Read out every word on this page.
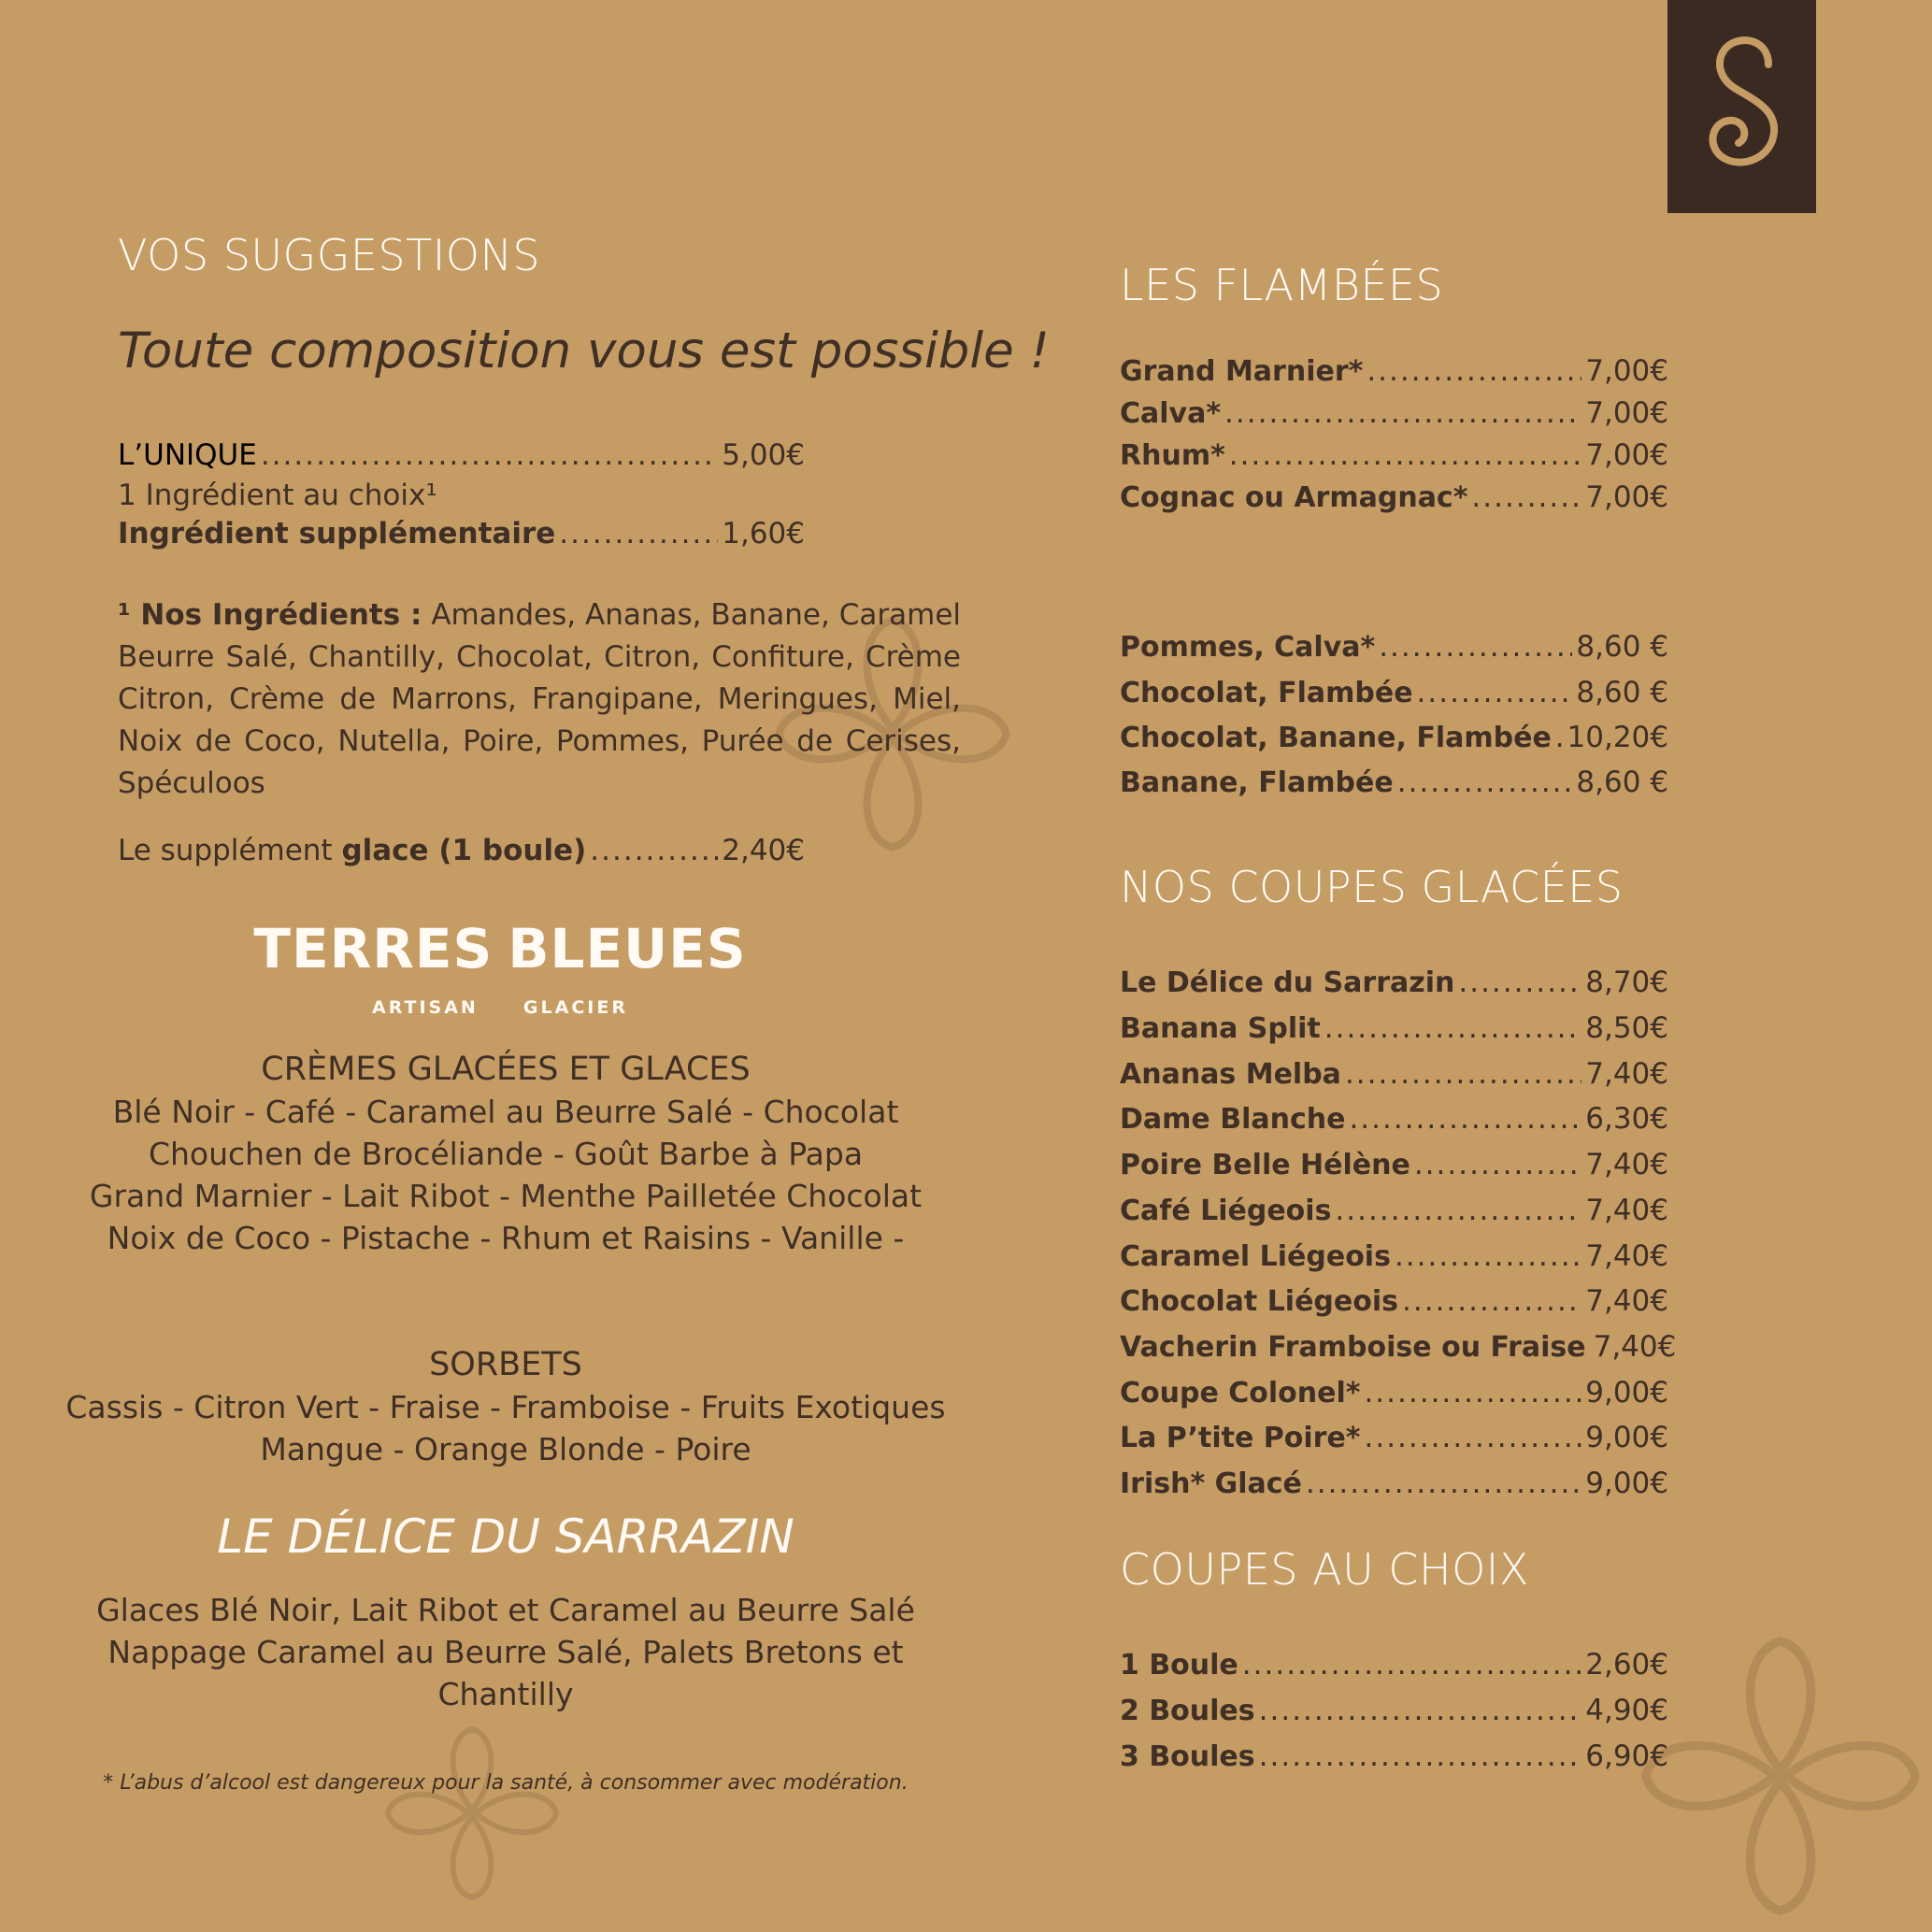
VOS SUGGESTIONS
Toute composition vous est possible !
L’UNIQUE .....	5,00€
1 Ingrédient au choix¹
Ingrédient supplémentaire .....	1,60€
¹ Nos Ingrédients : Amandes, Ananas, Banane, Caramel Beurre Salé, Chantilly, Chocolat, Citron, Confiture, Crème Citron, Crème de Marrons, Frangipane, Meringues, Miel, Noix de Coco, Nutella, Poire, Pommes, Purée de Cerises, Spéculoos
Le supplément glace (1 boule) .....	2,40€
TERRES BLEUES
ARTISAN	GLACIER
CRÈMES GLACÉES ET GLACES
Blé Noir - Café - Caramel au Beurre Salé - Chocolat
Chouchen de Brocéliande - Goût Barbe à Papa
Grand Marnier - Lait Ribot - Menthe Pailletée Chocolat
Noix de Coco - Pistache - Rhum et Raisins - Vanille -
SORBETS
Cassis - Citron Vert - Fraise - Framboise - Fruits Exotiques
Mangue - Orange Blonde - Poire
LE DÉLICE DU SARRAZIN
Glaces Blé Noir, Lait Ribot et Caramel au Beurre Salé
Nappage Caramel au Beurre Salé, Palets Bretons et Chantilly
* L’abus d’alcool est dangereux pour la santé, à consommer avec modération.
LES FLAMBÉES
Grand Marnier* .....	7,00€
Calva* .....	7,00€
Rhum* .....	7,00€
Cognac ou Armagnac* .....	7,00€
Pommes, Calva* .....	8,60 €
Chocolat, Flambée .....	8,60 €
Chocolat, Banane, Flambée ..... 10,20€
Banane, Flambée .....	8,60 €
NOS COUPES GLACÉES
Le Délice du Sarrazin .....	8,70€
Banana Split .....	8,50€
Ananas Melba .....	7,40€
Dame Blanche .....	6,30€
Poire Belle Hélène .....	7,40€
Café Liégeois .....	7,40€
Caramel Liégeois .....	7,40€
Chocolat Liégeois .....	7,40€
Vacherin Framboise ou Fraise 7,40€
Coupe Colonel* .....	9,00€
La P’tite Poire* .....	9,00€
Irish* Glacé .....	9,00€
COUPES AU CHOIX
1 Boule .....	2,60€
2 Boules .....	4,90€
3 Boules .....	6,90€
